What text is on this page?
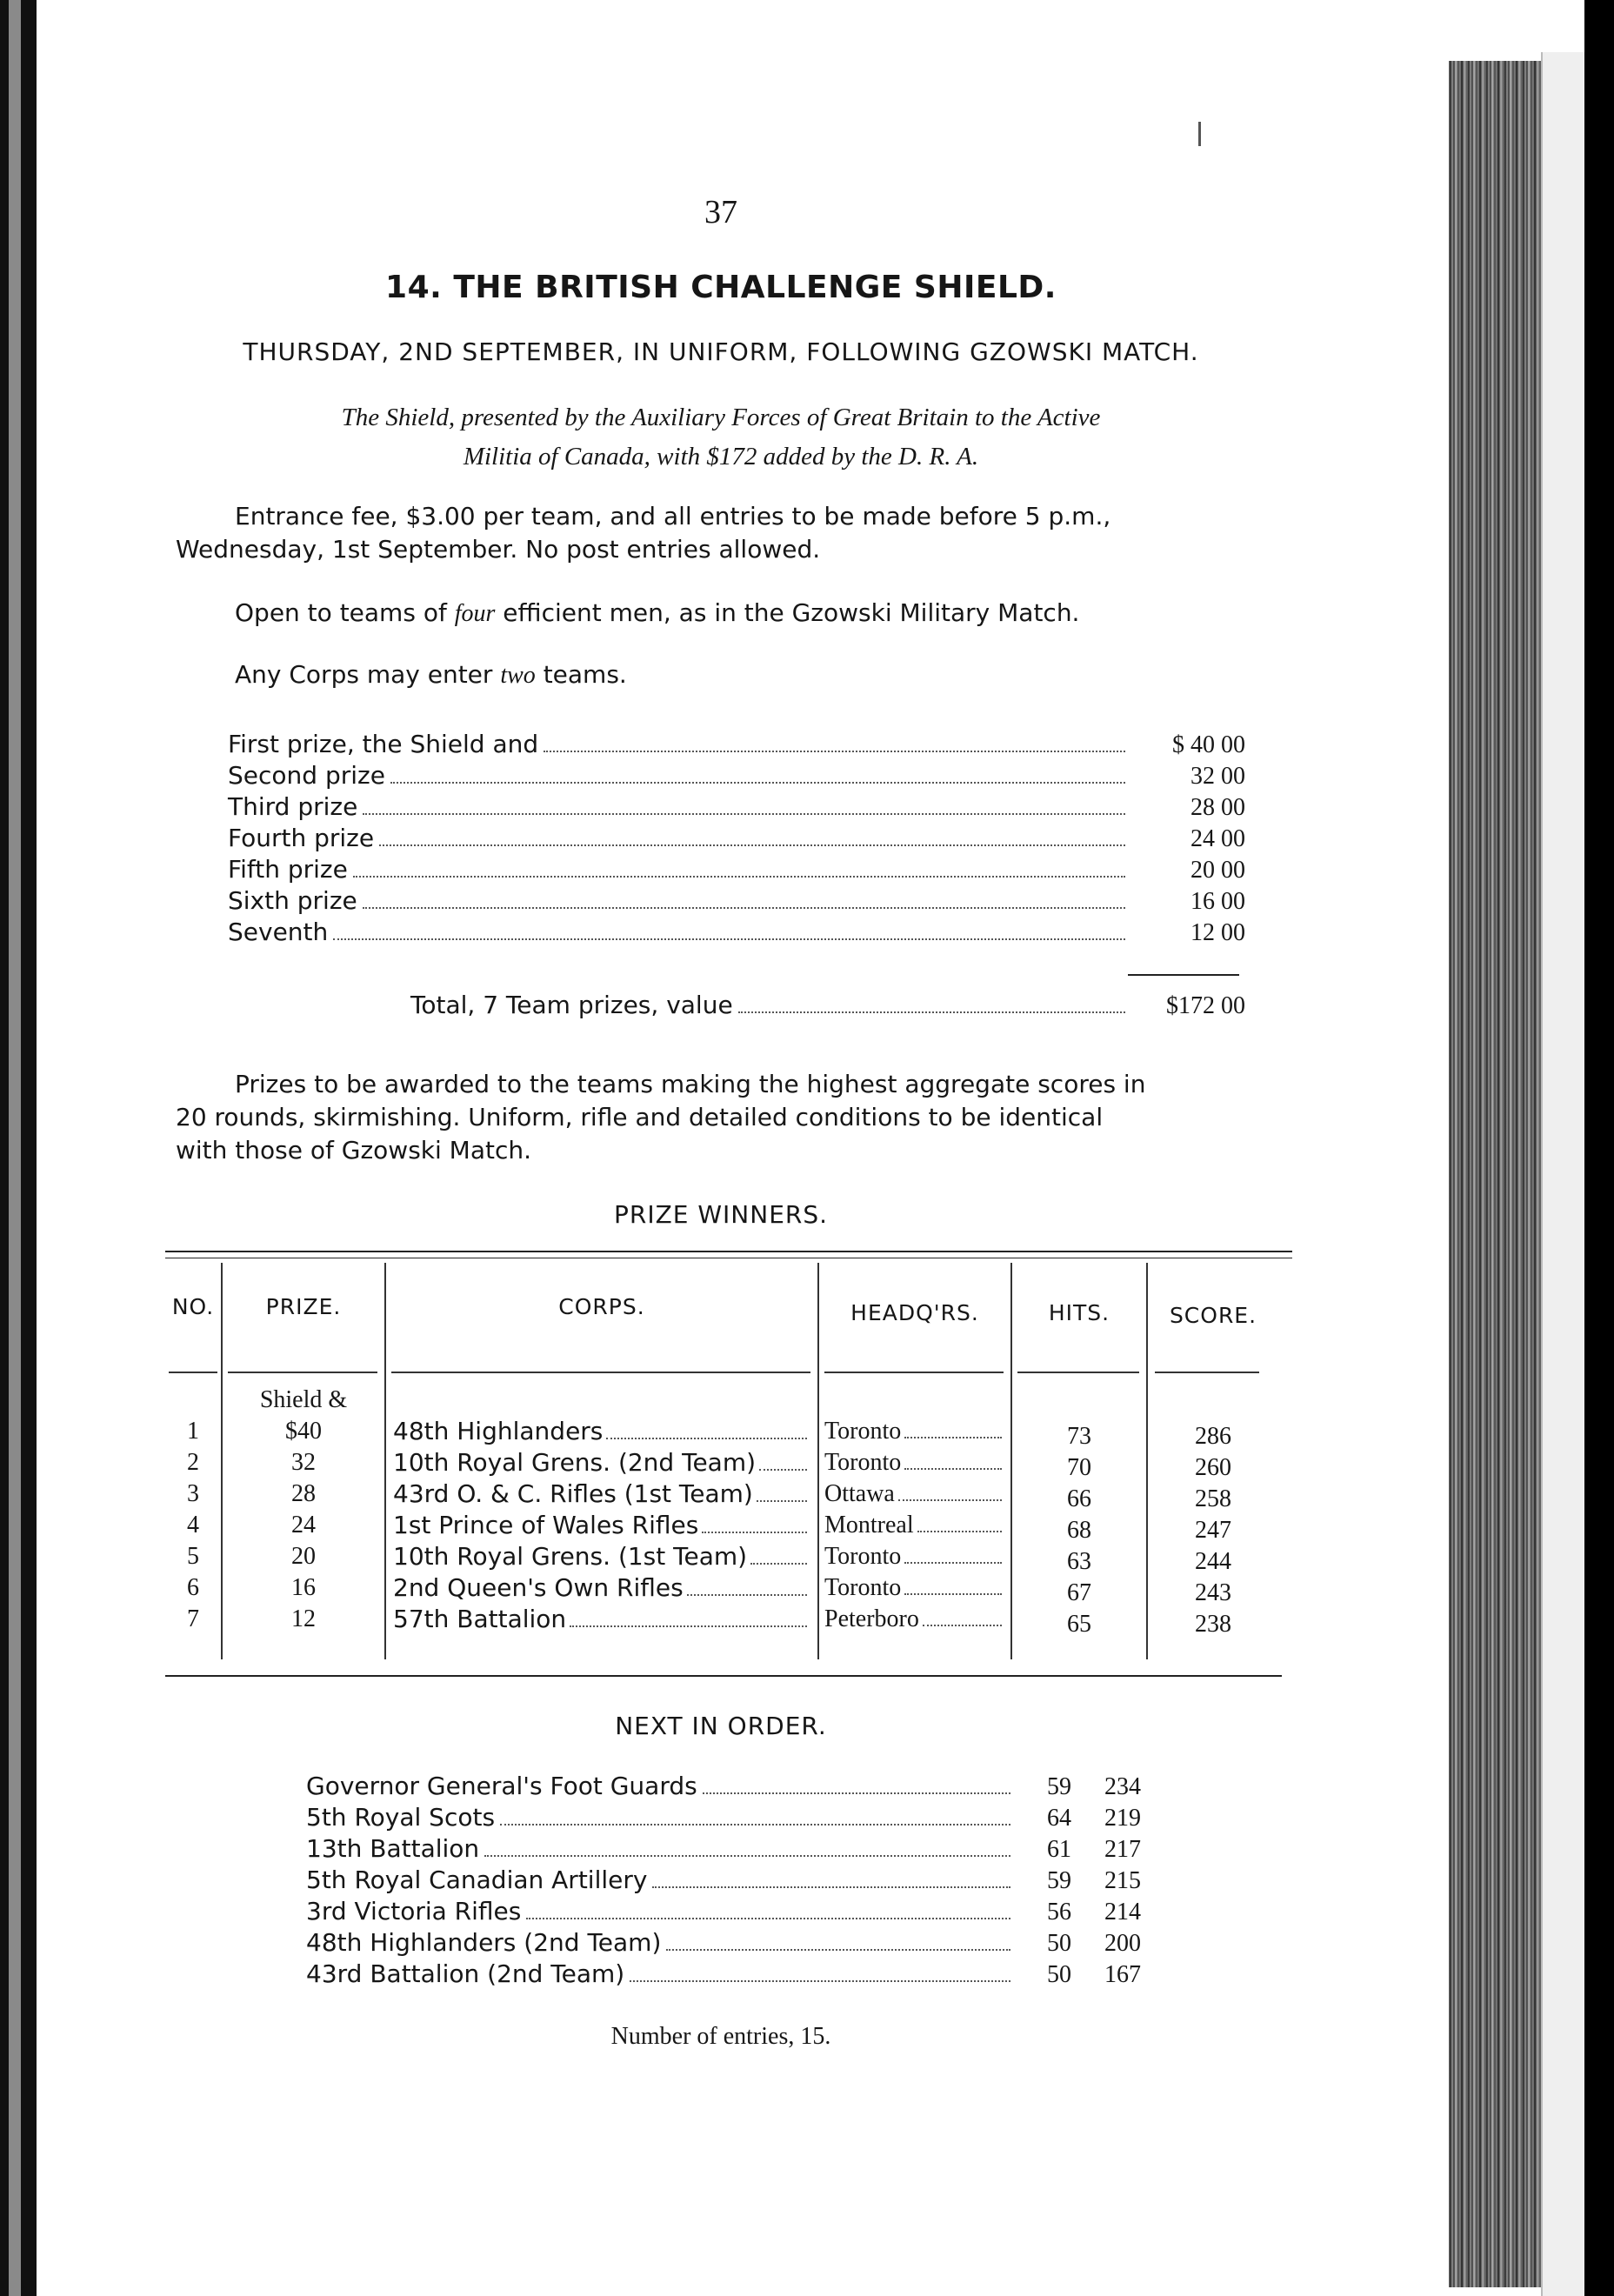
37
14. THE BRITISH CHALLENGE SHIELD.
THURSDAY, 2ND SEPTEMBER, IN UNIFORM, FOLLOWING GZOWSKI MATCH.
The Shield, presented by the Auxiliary Forces of Great Britain to the Active
Militia of Canada, with $172 added by the D. R. A.
Entrance fee, $3.00 per team, and all entries to be made before 5 p.m.,
Wednesday, 1st September. No post entries allowed.
Open to teams of four efficient men, as in the Gzowski Military Match.
Any Corps may enter two teams.
First prize, the Shield and	$ 40 00
Second prize	32 00
Third prize	28 00
Fourth prize	24 00
Fifth prize	20 00
Sixth prize	16 00
Seventh	12 00
Total, 7 Team prizes, value	$172 00
Prizes to be awarded to the teams making the highest aggregate scores in
20 rounds, skirmishing. Uniform, rifle and detailed conditions to be identical
with those of Gzowski Match.
PRIZE WINNERS.
NO.	PRIZE.	CORPS.	HEADQ'RS.	HITS.	SCORE.
Shield &
1	$40	48th Highlanders	Toronto	73	286
2	32	10th Royal Grens. (2nd Team)	Toronto	70	260
3	28	43rd O. & C. Rifles (1st Team)	Ottawa	66	258
4	24	1st Prince of Wales Rifles	Montreal	68	247
5	20	10th Royal Grens. (1st Team)	Toronto	63	244
6	16	2nd Queen's Own Rifles	Toronto	67	243
7	12	57th Battalion	Peterboro	65	238
NEXT IN ORDER.
Governor General's Foot Guards	59	234
5th Royal Scots	64	219
13th Battalion	61	217
5th Royal Canadian Artillery	59	215
3rd Victoria Rifles	56	214
48th Highlanders (2nd Team)	50	200
43rd Battalion (2nd Team)	50	167
Number of entries, 15.
